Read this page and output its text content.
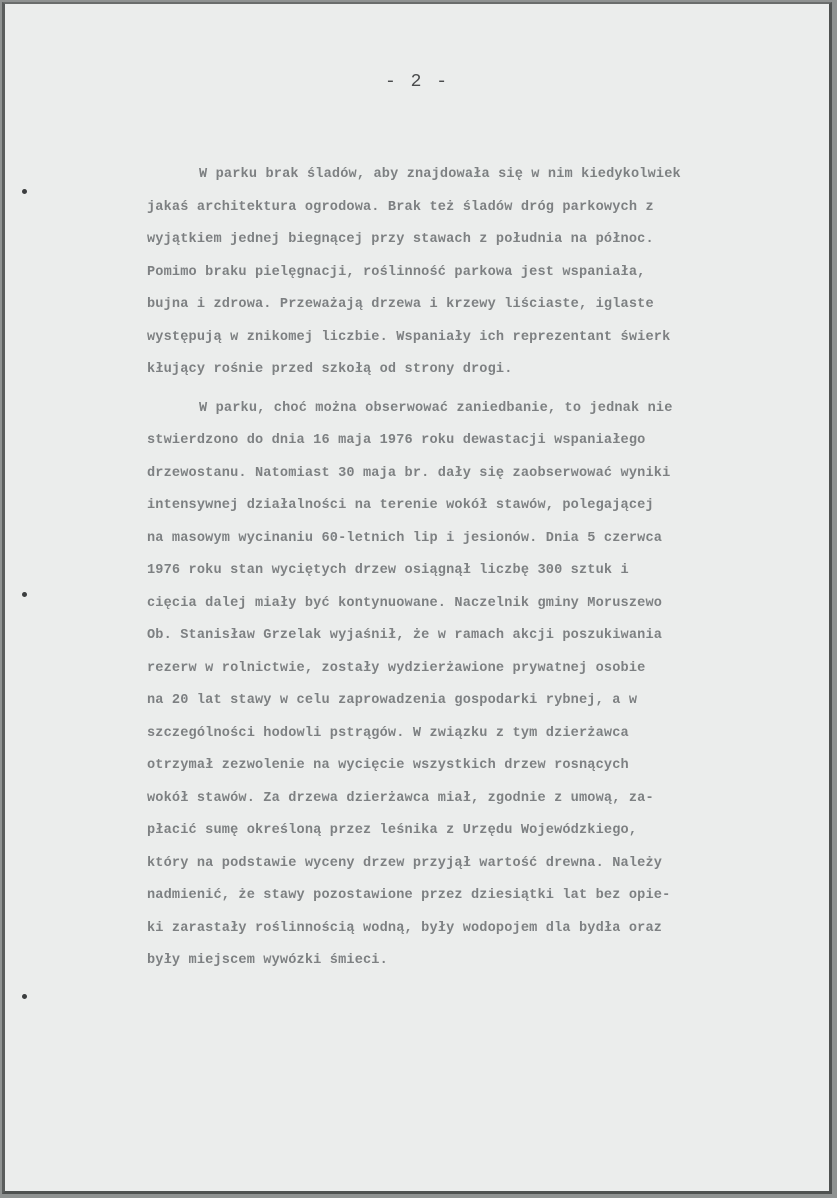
- 2 -
W parku brak śladów, aby znajdowała się w nim kiedykolwiek
jakaś architektura ogrodowa. Brak też śladów dróg parkowych z
wyjątkiem jednej biegnącej przy stawach z południa na północ.
Pomimo braku pielęgnacji, roślinność parkowa jest wspaniała,
bujna i zdrowa. Przeważają drzewa i krzewy liściaste, iglaste
występują w znikomej liczbie. Wspaniały ich reprezentant świerk
kłujący rośnie przed szkołą od strony drogi.
W parku, choć można obserwować zaniedbanie, to jednak nie
stwierdzono do dnia 16 maja 1976 roku dewastacji wspaniałego
drzewostanu. Natomiast 30 maja br. dały się zaobserwować wyniki
intensywnej działalności na terenie wokół stawów, polegającej
na masowym wycinaniu 60-letnich lip i jesionów. Dnia 5 czerwca
1976 roku stan wyciętych drzew osiągnął liczbę 300 sztuk i
cięcia dalej miały być kontynuowane. Naczelnik gminy Moruszewo
Ob. Stanisław Grzelak wyjaśnił, że w ramach akcji poszukiwania
rezerw w rolnictwie, zostały wydzierżawione prywatnej osobie
na 20 lat stawy w celu zaprowadzenia gospodarki rybnej, a w
szczególności hodowli pstrągów. W związku z tym dzierżawca
otrzymał zezwolenie na wycięcie wszystkich drzew rosnących
wokół stawów. Za drzewa dzierżawca miał, zgodnie z umową, za-
płacić sumę określoną przez leśnika z Urzędu Wojewódzkiego,
który na podstawie wyceny drzew przyjął wartość drewna. Należy
nadmienić, że stawy pozostawione przez dziesiątki lat bez opie-
ki zarastały roślinnością wodną, były wodopojem dla bydła oraz
były miejscem wywózki śmieci.
